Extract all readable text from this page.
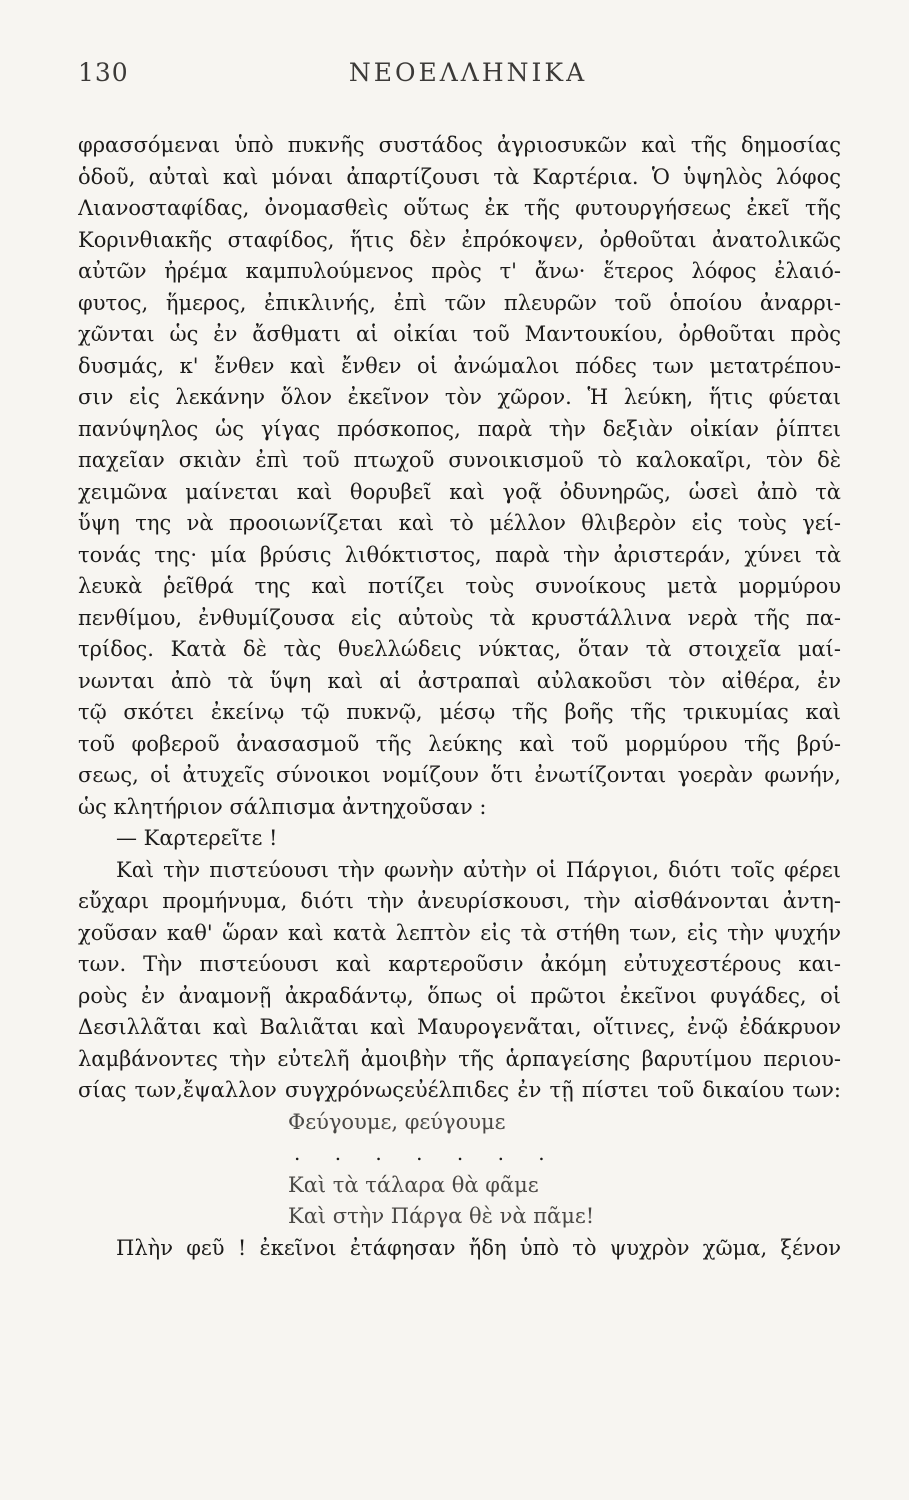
130	ΝΕΟΕΛΛΗΝΙΚΑ
φρασσόμεναι ὑπὸ πυκνῆς συστάδος ἀγριοσυκῶν καὶ τῆς δημοσίας
ὁδοῦ, αὐταὶ καὶ μόναι ἀπαρτίζουσι τὰ Καρτέρια. Ὁ ὑψηλὸς λόφος
Λιανοσταφίδας, ὀνομασθεὶς οὕτως ἐκ τῆς φυτουργήσεως ἐκεῖ τῆς
Κορινθιακῆς σταφίδος, ἥτις δὲν ἐπρόκοψεν, ὀρθοῦται ἀνατολικῶς
αὐτῶν ἠρέμα καμπυλούμενος πρὸς τ' ἄνω· ἕτερος λόφος ἐλαιό-
φυτος, ἥμερος, ἐπικλινής, ἐπὶ τῶν πλευρῶν τοῦ ὁποίου ἀναρρι-
χῶνται ὡς ἐν ἄσθματι αἱ οἰκίαι τοῦ Μαντουκίου, ὀρθοῦται πρὸς
δυσμάς, κ' ἔνθεν καὶ ἔνθεν οἱ ἀνώμαλοι πόδες των μετατρέπου-
σιν εἰς λεκάνην ὅλον ἐκεῖνον τὸν χῶρον. Ἡ λεύκη, ἥτις φύεται
πανύψηλος ὡς γίγας πρόσκοπος, παρὰ τὴν δεξιὰν οἰκίαν ῥίπτει
παχεῖαν σκιὰν ἐπὶ τοῦ πτωχοῦ συνοικισμοῦ τὸ καλοκαῖρι, τὸν δὲ
χειμῶνα μαίνεται καὶ θορυβεῖ καὶ γοᾷ ὀδυνηρῶς, ὡσεὶ ἀπὸ τὰ
ὕψη της νὰ προοιωνίζεται καὶ τὸ μέλλον θλιβερὸν εἰς τοὺς γεί-
τονάς της· μία βρύσις λιθόκτιστος, παρὰ τὴν ἀριστεράν, χύνει τὰ
λευκὰ ῥεῖθρά της καὶ ποτίζει τοὺς συνοίκους μετὰ μορμύρου
πενθίμου, ἐνθυμίζουσα εἰς αὐτοὺς τὰ κρυστάλλινα νερὰ τῆς πα-
τρίδος. Κατὰ δὲ τὰς θυελλώδεις νύκτας, ὅταν τὰ στοιχεῖα μαί-
νωνται ἀπὸ τὰ ὕψη καὶ αἱ ἀστραπαὶ αὐλακοῦσι τὸν αἰθέρα, ἐν
τῷ σκότει ἐκείνῳ τῷ πυκνῷ, μέσῳ τῆς βοῆς τῆς τρικυμίας καὶ
τοῦ φοβεροῦ ἀνασασμοῦ τῆς λεύκης καὶ τοῦ μορμύρου τῆς βρύ-
σεως, οἱ ἀτυχεῖς σύνοικοι νομίζουν ὅτι ἐνωτίζονται γοερὰν φωνήν,
ὡς κλητήριον σάλπισμα ἀντηχοῦσαν :
— Καρτερεῖτε !
Καὶ τὴν πιστεύουσι τὴν φωνὴν αὐτὴν οἱ Πάργιοι, διότι τοῖς φέρει
εὔχαρι προμήνυμα, διότι τὴν ἀνευρίσκουσι, τὴν αἰσθάνονται ἀντη-
χοῦσαν καθ' ὥραν καὶ κατὰ λεπτὸν εἰς τὰ στήθη των, εἰς τὴν ψυχήν
των. Τὴν πιστεύουσι καὶ καρτεροῦσιν ἀκόμη εὐτυχεστέρους και-
ροὺς ἐν ἀναμονῇ ἀκραδάντῳ, ὅπως οἱ πρῶτοι ἐκεῖνοι φυγάδες, οἱ
Δεσιλλᾶται καὶ Βαλιᾶται καὶ Μαυρογενᾶται, οἵτινες, ἐνῷ ἐδάκρυον
λαμβάνοντες τὴν εὐτελῆ ἀμοιβὴν τῆς ἁρπαγείσης βαρυτίμου περιου-
σίας των,ἔψαλλον συγχρόνωςεὐέλπιδες ἐν τῇ πίστει τοῦ δικαίου των:
Φεύγουμε, φεύγουμε
. . . . . . .
Καὶ τὰ τάλαρα θὰ φᾶμε
Καὶ στὴν Πάργα θὲ νὰ πᾶμε!
Πλὴν φεῦ ! ἐκεῖνοι ἐτάφησαν ἤδη ὑπὸ τὸ ψυχρὸν χῶμα, ξένον
